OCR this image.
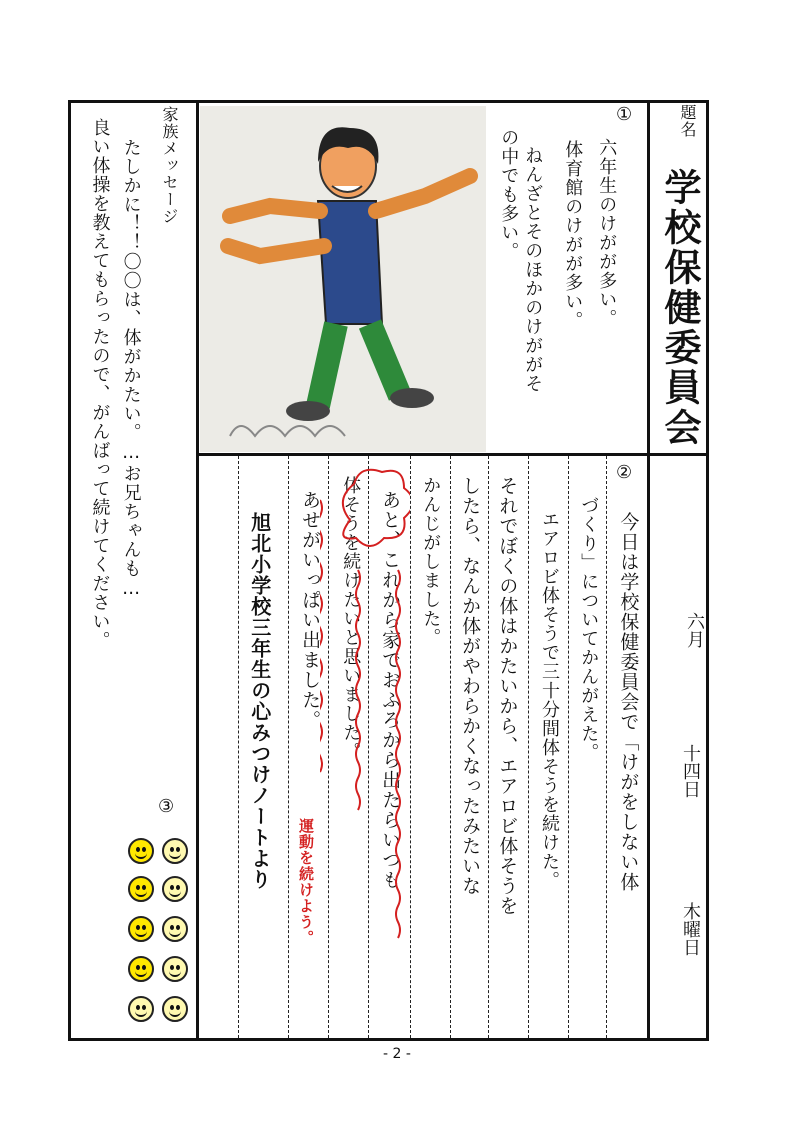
題名
学校保健委員会
六月
十四日
木曜日
①
六年生のけがが多い。
体育館のけがが多い。
ねんざとそのほかのけががそ
の中でも多い。
②
今日は学校保健委員会で「けがをしない体
づくり」についてかんがえた。
エアロビ体そうで三十分間体そうを続けた。
それでぼくの体はかたいから、エアロビ体そうを
したら、なんか体がやわらかくなったみたいな
かんじがしました。
あと、これから家でおふろから出たらいつも
体そうを続けたいと思いました。
あせがいっぱい出ました。
旭北小学校三年生の心みつけノートより 運動を続けよう。
家族メッセージ
たしかに！！〇〇は、体がかたい。…お兄ちゃんも…
良い体操を教えてもらったので、がんばって続けてください。
③
- 2 -
